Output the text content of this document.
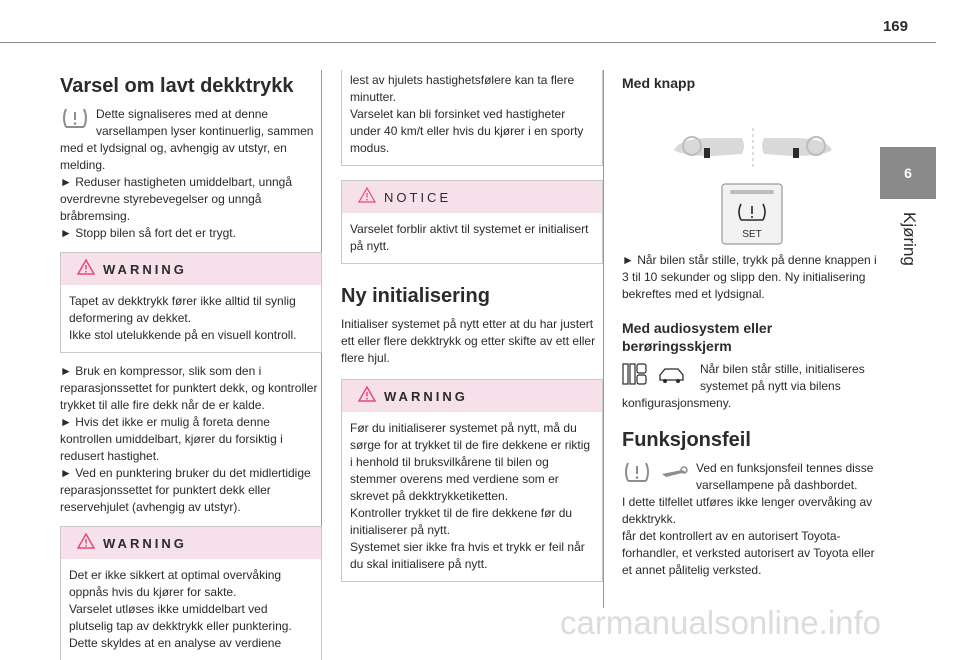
169
6
Kjøring
Varsel om lavt dekktrykk

Dette signaliseres med at denne varsellampen lyser kontinuerlig, sammen med et lydsignal og, avhengig av utstyr, en melding.

► Reduser hastigheten umiddelbart, unngå overdrevne styrebevegelser og unngå bråbremsing.

► Stopp bilen så fort det er trygt.

WARNING

Tapet av dekktrykk fører ikke alltid til synlig deformering av dekket.
Ikke stol utelukkende på en visuell kontroll.

► Bruk en kompressor, slik som den i reparasjonssettet for punktert dekk, og kontroller trykket til alle fire dekk når de er kalde.

► Hvis det ikke er mulig å foreta denne kontrollen umiddelbart, kjører du forsiktig i redusert hastighet.

► Ved en punktering bruker du det midlertidige reparasjonssettet for punktert dekk eller reservehjulet (avhengig av utstyr).

WARNING

Det er ikke sikkert at optimal overvåking oppnås hvis du kjører for sakte.
Varselet utløses ikke umiddelbart ved plutselig tap av dekktrykk eller punktering.
Dette skyldes at en analyse av verdiene

lest av hjulets hastighetsfølere kan ta flere minutter.
Varselet kan bli forsinket ved hastigheter under 40 km/t eller hvis du kjører i en sporty modus.

NOTICE

Varselet forblir aktivt til systemet er initialisert på nytt.

Ny initialisering

Initialiser systemet på nytt etter at du har justert ett eller flere dekktrykk og etter skifte av ett eller flere hjul.

WARNING

Før du initialiserer systemet på nytt, må du sørge for at trykket til de fire dekkene er riktig i henhold til bruksvilkårene til bilen og stemmer overens med verdiene som er skrevet på dekktrykketiketten.
Kontroller trykket til de fire dekkene før du initialiserer på nytt.
Systemet sier ikke fra hvis et trykk er feil når du skal initialisere på nytt.

Med knapp
SET

► Når bilen står stille, trykk på denne knappen i 3 til 10 sekunder og slipp den. Ny initialisering bekreftes med et lydsignal.

Med audiosystem eller berøringsskjerm

Når bilen står stille, initialiseres systemet på nytt via bilens konfigurasjonsmeny.

Funksjonsfeil

Ved en funksjonsfeil tennes disse varsellampene på dashbordet.

I dette tilfellet utføres ikke lenger overvåking av dekktrykk.
får det kontrollert av en autorisert Toyota-forhandler, et verksted autorisert av Toyota eller et annet pålitelig verksted.

carmanualsonline.info
